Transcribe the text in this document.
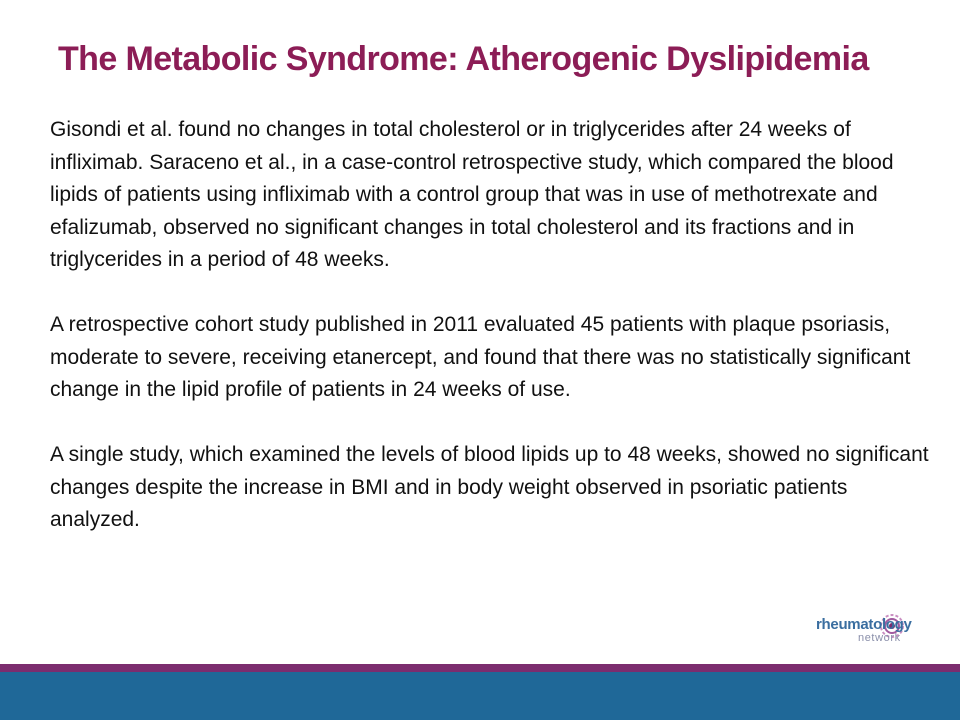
The Metabolic Syndrome: Atherogenic Dyslipidemia

Gisondi et al. found no changes in total cholesterol or in triglycerides after 24 weeks of infliximab. Saraceno et al., in a case-control retrospective study, which compared the blood lipids of patients using infliximab with a control group that was in use of methotrexate and efalizumab, observed no significant changes in total cholesterol and its fractions and in triglycerides in a period of 48 weeks.

A retrospective cohort study published in 2011 evaluated 45 patients with plaque psoriasis, moderate to severe, receiving etanercept, and found that there was no statistically significant change in the lipid profile of patients in 24 weeks of use.

A single study, which examined the levels of blood lipids up to 48 weeks, showed no significant changes despite the increase in BMI and in body weight observed in psoriatic patients analyzed.

rheumatology
network
